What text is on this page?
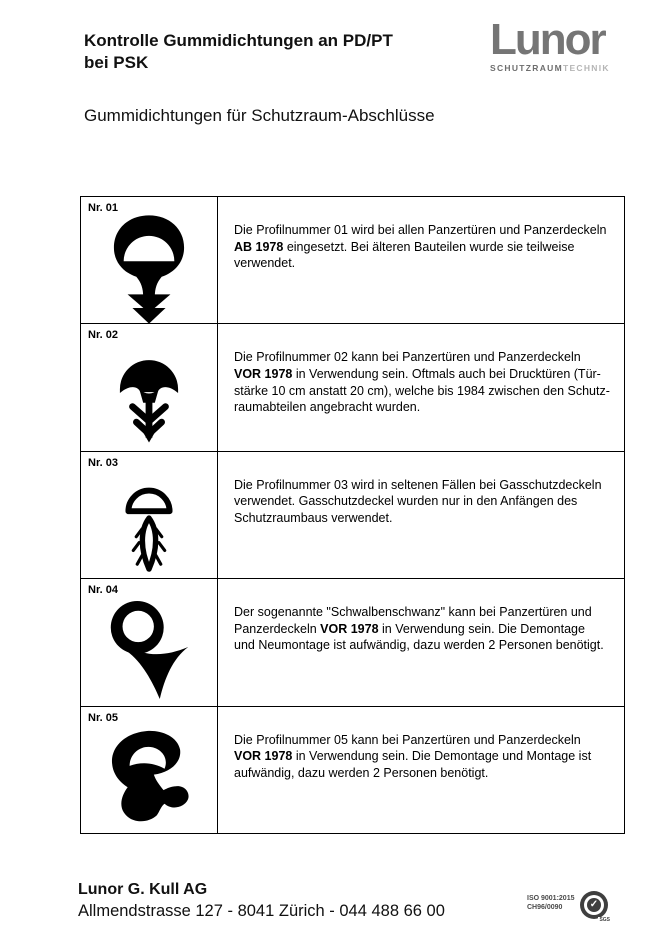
Kontrolle Gummidichtungen an PD/PT
bei PSK	Lunor
SCHUTZRAUMTECHNIK
Gummidichtungen für Schutzraum-Abschlüsse
Nr. 01
Die Profilnummer 01 wird bei allen Panzertüren und Panzerdeckeln
AB 1978 eingesetzt. Bei älteren Bauteilen wurde sie teilweise
verwendet.
Nr. 02
Die Profilnummer 02 kann bei Panzertüren und Panzerdeckeln
VOR 1978 in Verwendung sein. Oftmals auch bei Drucktüren (Tür-
stärke 10 cm anstatt 20 cm), welche bis 1984 zwischen den Schutz-
raumabteilen angebracht wurden.
Nr. 03
Die Profilnummer 03 wird in seltenen Fällen bei Gasschutzdeckeln
verwendet. Gasschutzdeckel wurden nur in den Anfängen des
Schutzraumbaus verwendet.
Nr. 04
Der sogenannte "Schwalbenschwanz" kann bei Panzertüren und
Panzerdeckeln VOR 1978 in Verwendung sein. Die Demontage
und Neumontage ist aufwändig, dazu werden 2 Personen benötigt.
Nr. 05
Die Profilnummer 05 kann bei Panzertüren und Panzerdeckeln
VOR 1978 in Verwendung sein. Die Demontage und Montage ist
aufwändig, dazu werden 2 Personen benötigt.
Lunor G. Kull AG
Allmendstrasse 127 - 8041 Zürich - 044 488 66 00
ISO 9001:2015
CH96/0090	✓
SGS
